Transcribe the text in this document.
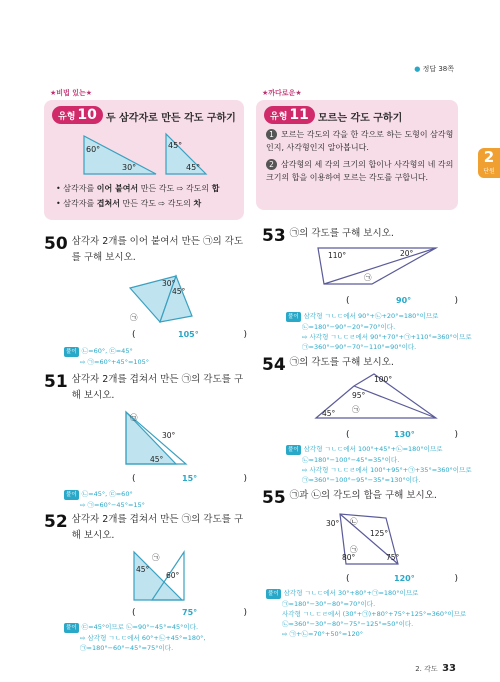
● 정답 38쪽
2
단원
★비법 있는★
유형 10 두 삼각자로 만든 각도 구하기
60°
30°
45°
45°
• 삼각자를 이어 붙여서 만든 각도 ⇨ 각도의 합
• 삼각자를 겹쳐서 만든 각도 ⇨ 각도의 차
★까다로운★
유형 11 모르는 각도 구하기
1 모르는 각도의 각을 한 각으로 하는 도형이 삼각형인지, 사각형인지 알아봅니다.
2 삼각형의 세 각의 크기의 합이나 사각형의 네 각의 크기의 합을 이용하여 모르는 각도를 구합니다.
50 삼각자 2개를 이어 붙여서 만든 ㉠의 각도를 구해 보시오.
30°
45°
㉠
(	105°	)
풀이 ㉡=60°, ㉢=45°
⇨ ㉠=60°+45°=105°
51 삼각자 2개를 겹쳐서 만든 ㉠의 각도를 구해 보시오.
㉠
30°
45°
(	15°	)
풀이 ㉡=45°, ㉢=60°
⇨ ㉠=60°−45°=15°
52 삼각자 2개를 겹쳐서 만든 ㉠의 각도를 구해 보시오.
㉠
45°
60°
(	75°	)
풀이 ㉢=45°이므로 ㉡=90°−45°=45°이다.
⇨ 삼각형 ㄱㄴㄷ에서 60°+㉡+45°=180°,
㉠=180°−60°−45°=75°이다.
53 ㉠의 각도를 구해 보시오.
110°	20°
㉠
(	90°	)
풀이 삼각형 ㄱㄴㄷ에서 90°+㉡+20°=180°이므로
㉡=180°−90°−20°=70°이다.
⇨ 사각형 ㄱㄴㄷㄹ에서 90°+70°+㉠+110°=360°이므로
㉠=360°−90°−70°−110°=90°이다.
54 ㉠의 각도를 구해 보시오.
100°
95°
45° ㉠
(	130°	)
풀이 삼각형 ㄱㄴㄷ에서 100°+45°+㉡=180°이므로
㉡=180°−100°−45°=35°이다.
⇨ 사각형 ㄱㄴㄷㄹ에서 100°+95°+㉠+35°=360°이므로
㉠=360°−100°−95°−35°=130°이다.
55 ㉠과 ㉡의 각도의 합을 구해 보시오.
30°
125°
80°	75°
㉠
㉡
(	120°	)
풀이 삼각형 ㄱㄴㄷ에서 30°+80°+㉠=180°이므로
㉠=180°−30°−80°=70°이다.
사각형 ㄱㄴㄷㄹ에서 (30°+㉠)+80°+75°+125°=360°이므로
㉡=360°−30°−80°−75°−125°=50°이다.
⇨ ㉠+㉡=70°+50°=120°
2. 각도 33
